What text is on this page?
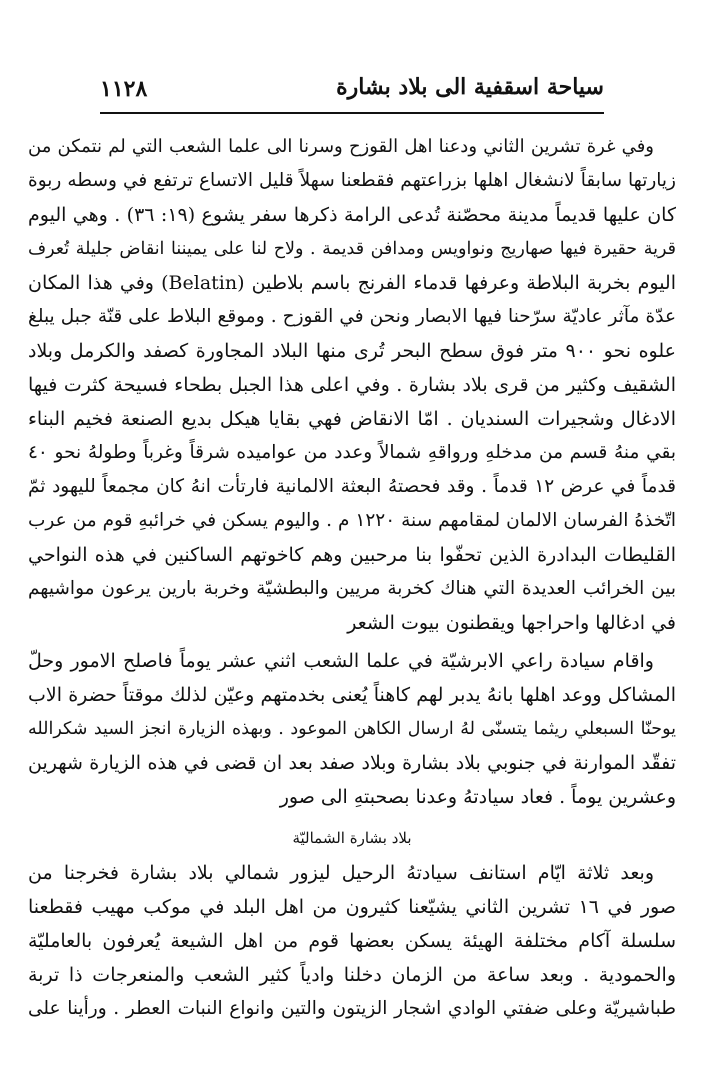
سياحة اسقفية الى بلاد بشارة
١١٢٨
وفي غرة تشرين الثاني ودعنا اهل القوزح وسرنا الى علما الشعب التي لم نتمكن من
زيارتها سابقاً لانشغال اهلها بزراعتهم فقطعنا سهلاً قليل الاتساع ترتفع في وسطه ربوة
كان عليها قديماً مدينة محصّنة تُدعى الرامة ذكرها سفر يشوع (١٩: ٣٦) . وهي اليوم
قرية حقيرة فيها صهاريج ونواويس ومدافن قديمة . ولاح لنا على يميننا انقاض جليلة تُعرف
اليوم بخربة البلاطة وعرفها قدماء الفرنج باسم بلاطين (Belatin) وفي هذا المكان
عدّة مآثر عاديّة سرّحنا فيها الابصار ونحن في القوزح . وموقع البلاط على قنّة جبل يبلغ
علوه نحو ٩٠٠ متر فوق سطح البحر تُرى منها البلاد المجاورة كصفد والكرمل وبلاد
الشقيف وكثير من قرى بلاد بشارة . وفي اعلى هذا الجبل بطحاء فسيحة كثرت فيها
الادغال وشجيرات السنديان . امّا الانقاض فهي بقايا هيكل بديع الصنعة فخيم البناء
بقي منهُ قسم من مدخلهِ ورواقهِ شمالاً وعدد من عواميده شرقاً وغرباً وطولهُ نحو ٤٠
قدماً في عرض ١٢ قدماً . وقد فحصتهُ البعثة الالمانية فارتأت انهُ كان مجمعاً لليهود ثمّ
اتّخذهُ الفرسان الالمان لمقامهم سنة ١٢٢٠ م . واليوم يسكن في خرائبهِ قوم من عرب
القليطات البدادرة الذين تحفّوا بنا مرحبين وهم كاخوتهم الساكنين في هذه النواحي
بين الخرائب العديدة التي هناك كخربة مريين والبطشيّة وخربة بارين يرعون مواشيهم
في ادغالها واحراجها ويقطنون بيوت الشعر
واقام سيادة راعي الابرشيّة في علما الشعب اثني عشر يوماً فاصلح الامور وحلّ
المشاكل ووعد اهلها بانهُ يدبر لهم كاهناً يُعنى بخدمتهم وعيّن لذلك موقتاً حضرة الاب
يوحنّا السبعلي ريثما يتسنّى لهُ ارسال الكاهن الموعود . وبهذه الزيارة انجز السيد شكرالله
تفقّد الموارنة في جنوبي بلاد بشارة وبلاد صفد بعد ان قضى في هذه الزيارة شهرين
وعشرين يوماً . فعاد سيادتهُ وعدنا بصحبتهِ الى صور
بلاد بشارة الشماليّة
وبعد ثلاثة ايّام استانف سيادتهُ الرحيل ليزور شمالي بلاد بشارة فخرجنا من
صور في ١٦ تشرين الثاني يشيّعنا كثيرون من اهل البلد في موكب مهيب فقطعنا
سلسلة آكام مختلفة الهيئة يسكن بعضها قوم من اهل الشيعة يُعرفون بالعامليّة
والحمودية . وبعد ساعة من الزمان دخلنا وادياً كثير الشعب والمنعرجات ذا تربة
طباشيريّة وعلى ضفتي الوادي اشجار الزيتون والتين وانواع النبات العطر . ورأينا على
